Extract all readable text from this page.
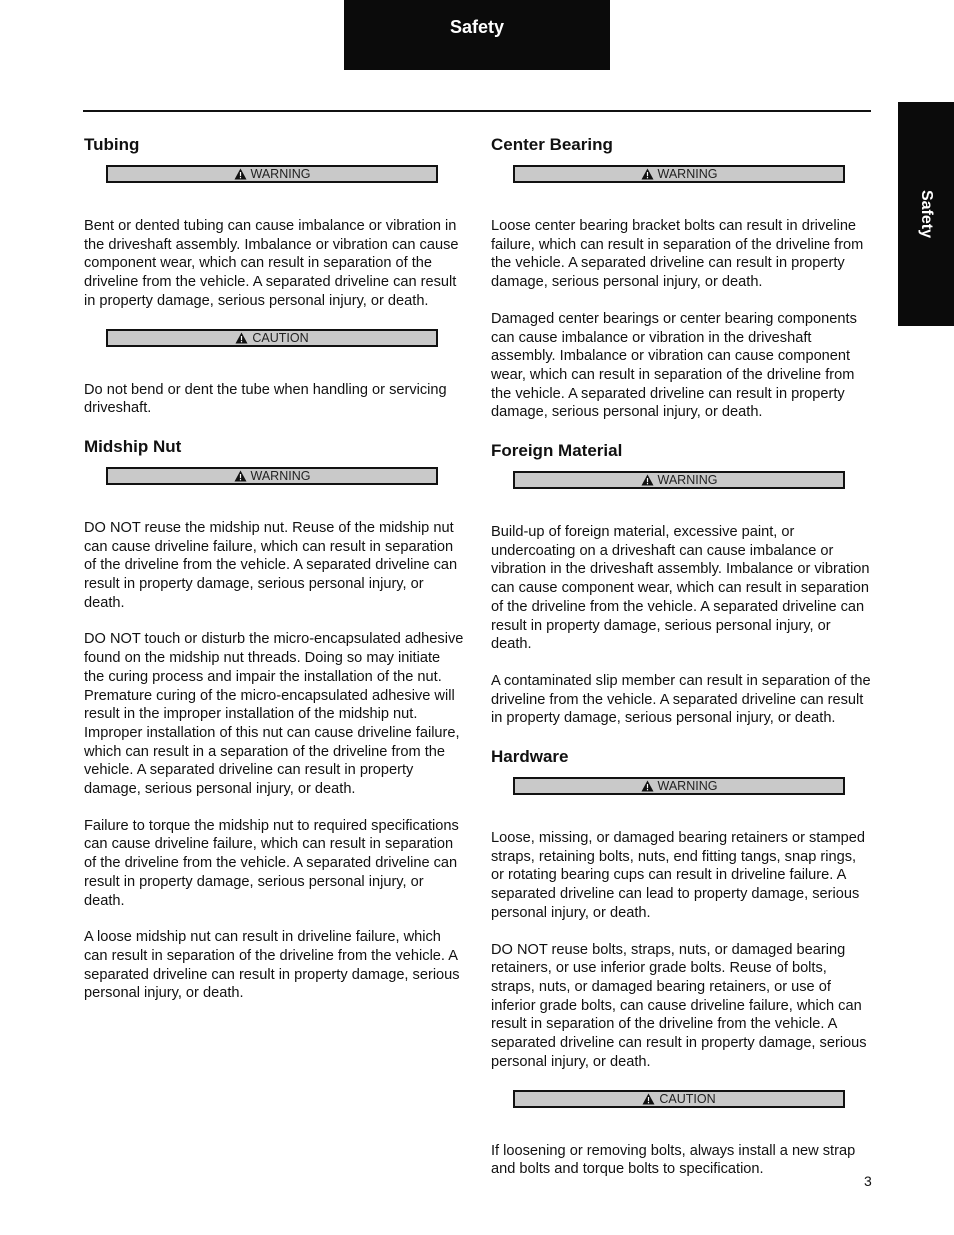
Safety
Safety
Tubing
WARNING

Bent or dented tubing can cause imbalance or vibration in the driveshaft assembly. Imbalance or vibration can cause component wear, which can result in separation of the driveline from the vehicle. A separated driveline can result in property damage, serious personal injury, or death.

CAUTION

Do not bend or dent the tube when handling or servicing driveshaft.

Midship Nut
WARNING

DO NOT reuse the midship nut. Reuse of the midship nut can cause driveline failure, which can result in separation of the driveline from the vehicle. A separated driveline can result in property damage, serious personal injury, or death.

DO NOT touch or disturb the micro-encapsulated adhesive found on the midship nut threads. Doing so may initiate the curing process and impair the installation of the nut. Premature curing of the micro-encapsulated adhesive will result in the improper installation of the midship nut. Improper installation of this nut can cause driveline failure, which can result in a separation of the driveline from the vehicle. A separated driveline can result in property damage, serious personal injury, or death.

Failure to torque the midship nut to required specifications can cause driveline failure, which can result in separation of the driveline from the vehicle. A separated driveline can result in property damage, serious personal injury, or death.

A loose midship nut can result in driveline failure, which can result in separation of the driveline from the vehicle. A separated driveline can result in property damage, serious personal injury, or death.

Center Bearing
WARNING

Loose center bearing bracket bolts can result in driveline failure, which can result in separation of the driveline from the vehicle. A separated driveline can result in property damage, serious personal injury, or death.

Damaged center bearings or center bearing components can cause imbalance or vibration in the driveshaft assembly. Imbalance or vibration can cause component wear, which can result in separation of the driveline from the vehicle. A separated driveline can result in property damage, serious personal injury, or death.

Foreign Material
WARNING

Build-up of foreign material, excessive paint, or undercoating on a driveshaft can cause imbalance or vibration in the driveshaft assembly. Imbalance or vibration can cause component wear, which can result in separation of the driveline from the vehicle. A separated driveline can result in property damage, serious personal injury, or death.

A contaminated slip member can result in separation of the driveline from the vehicle. A separated driveline can result in property damage, serious personal injury, or death.

Hardware
WARNING

Loose, missing, or damaged bearing retainers or stamped straps, retaining bolts, nuts, end fitting tangs, snap rings, or rotating bearing cups can result in driveline failure. A separated driveline can lead to property damage, serious personal injury, or death.

DO NOT reuse bolts, straps, nuts, or damaged bearing retainers, or use inferior grade bolts. Reuse of bolts, straps, nuts, or damaged bearing retainers, or use of inferior grade bolts, can cause driveline failure, which can result in separation of the driveline from the vehicle. A separated driveline can result in property damage, serious personal injury, or death.

CAUTION

If loosening or removing bolts, always install a new strap and bolts and torque bolts to specification.

3
